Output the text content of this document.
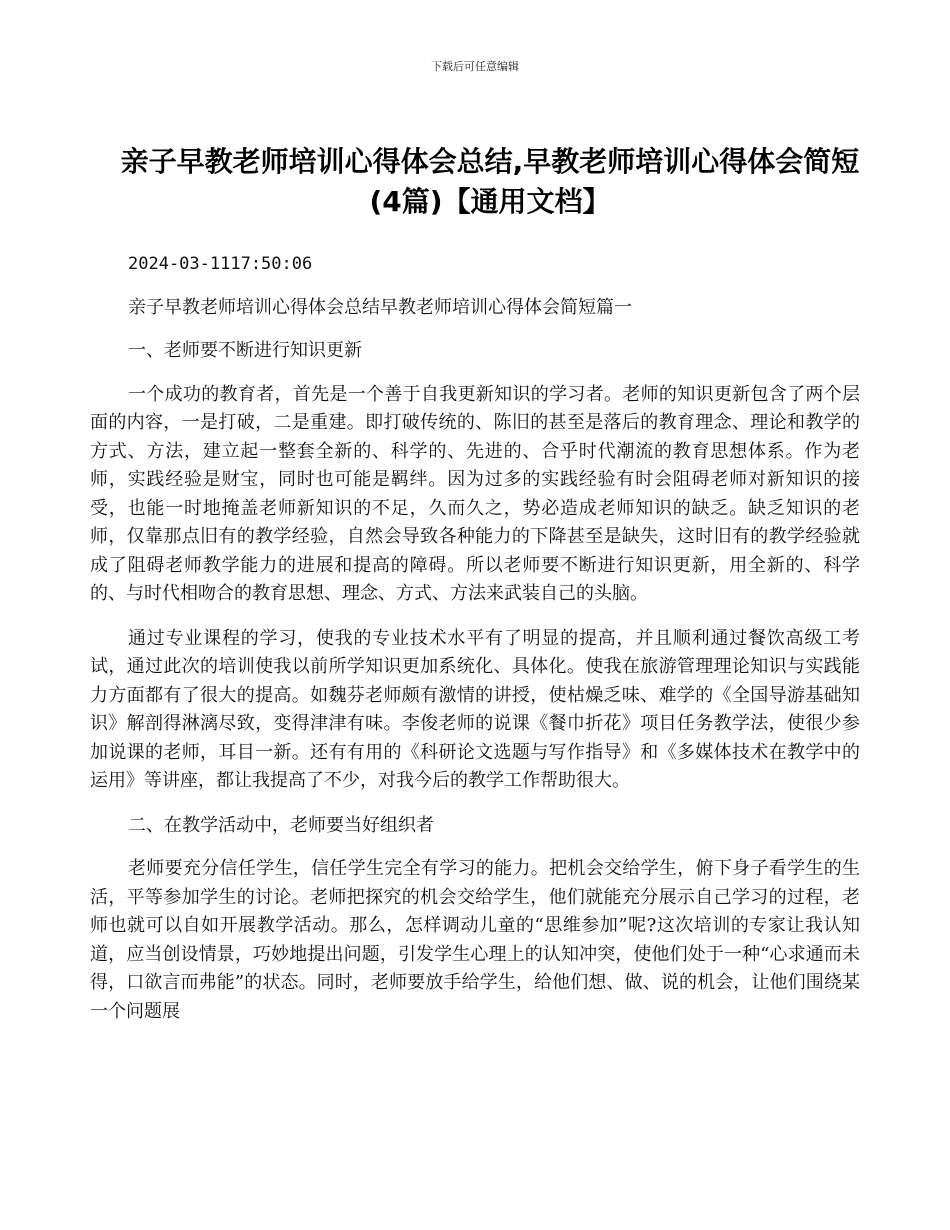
下载后可任意编辑
亲子早教老师培训心得体会总结,早教老师培训心得体会简短(4篇)【通用文档】
2024-03-1117:50:06
亲子早教老师培训心得体会总结早教老师培训心得体会简短篇一
一、老师要不断进行知识更新

一个成功的教育者，首先是一个善于自我更新知识的学习者。老师的知识更新包含了两个层面的内容，一是打破，二是重建。即打破传统的、陈旧的甚至是落后的教育理念、理论和教学的方式、方法，建立起一整套全新的、科学的、先进的、合乎时代潮流的教育思想体系。作为老师，实践经验是财宝，同时也可能是羁绊。因为过多的实践经验有时会阻碍老师对新知识的接受，也能一时地掩盖老师新知识的不足，久而久之，势必造成老师知识的缺乏。缺乏知识的老师，仅靠那点旧有的教学经验，自然会导致各种能力的下降甚至是缺失，这时旧有的教学经验就成了阻碍老师教学能力的进展和提高的障碍。所以老师要不断进行知识更新，用全新的、科学的、与时代相吻合的教育思想、理念、方式、方法来武装自己的头脑。

通过专业课程的学习，使我的专业技术水平有了明显的提高，并且顺利通过餐饮高级工考试，通过此次的培训使我以前所学知识更加系统化、具体化。使我在旅游管理理论知识与实践能力方面都有了很大的提高。如魏芬老师颇有激情的讲授，使枯燥乏味、难学的《全国导游基础知识》解剖得淋漓尽致，变得津津有味。李俊老师的说课《餐巾折花》项目任务教学法，使很少参加说课的老师，耳目一新。还有有用的《科研论文选题与写作指导》和《多媒体技术在教学中的运用》等讲座，都让我提高了不少，对我今后的教学工作帮助很大。

二、在教学活动中，老师要当好组织者

老师要充分信任学生，信任学生完全有学习的能力。把机会交给学生，俯下身子看学生的生活，平等参加学生的讨论。老师把探究的机会交给学生，他们就能充分展示自己学习的过程，老师也就可以自如开展教学活动。那么，怎样调动儿童的“思维参加”呢?这次培训的专家让我认知道，应当创设情景，巧妙地提出问题，引发学生心理上的认知冲突，使他们处于一种“心求通而未得，口欲言而弗能”的状态。同时，老师要放手给学生，给他们想、做、说的机会，让他们围绕某一个问题展
